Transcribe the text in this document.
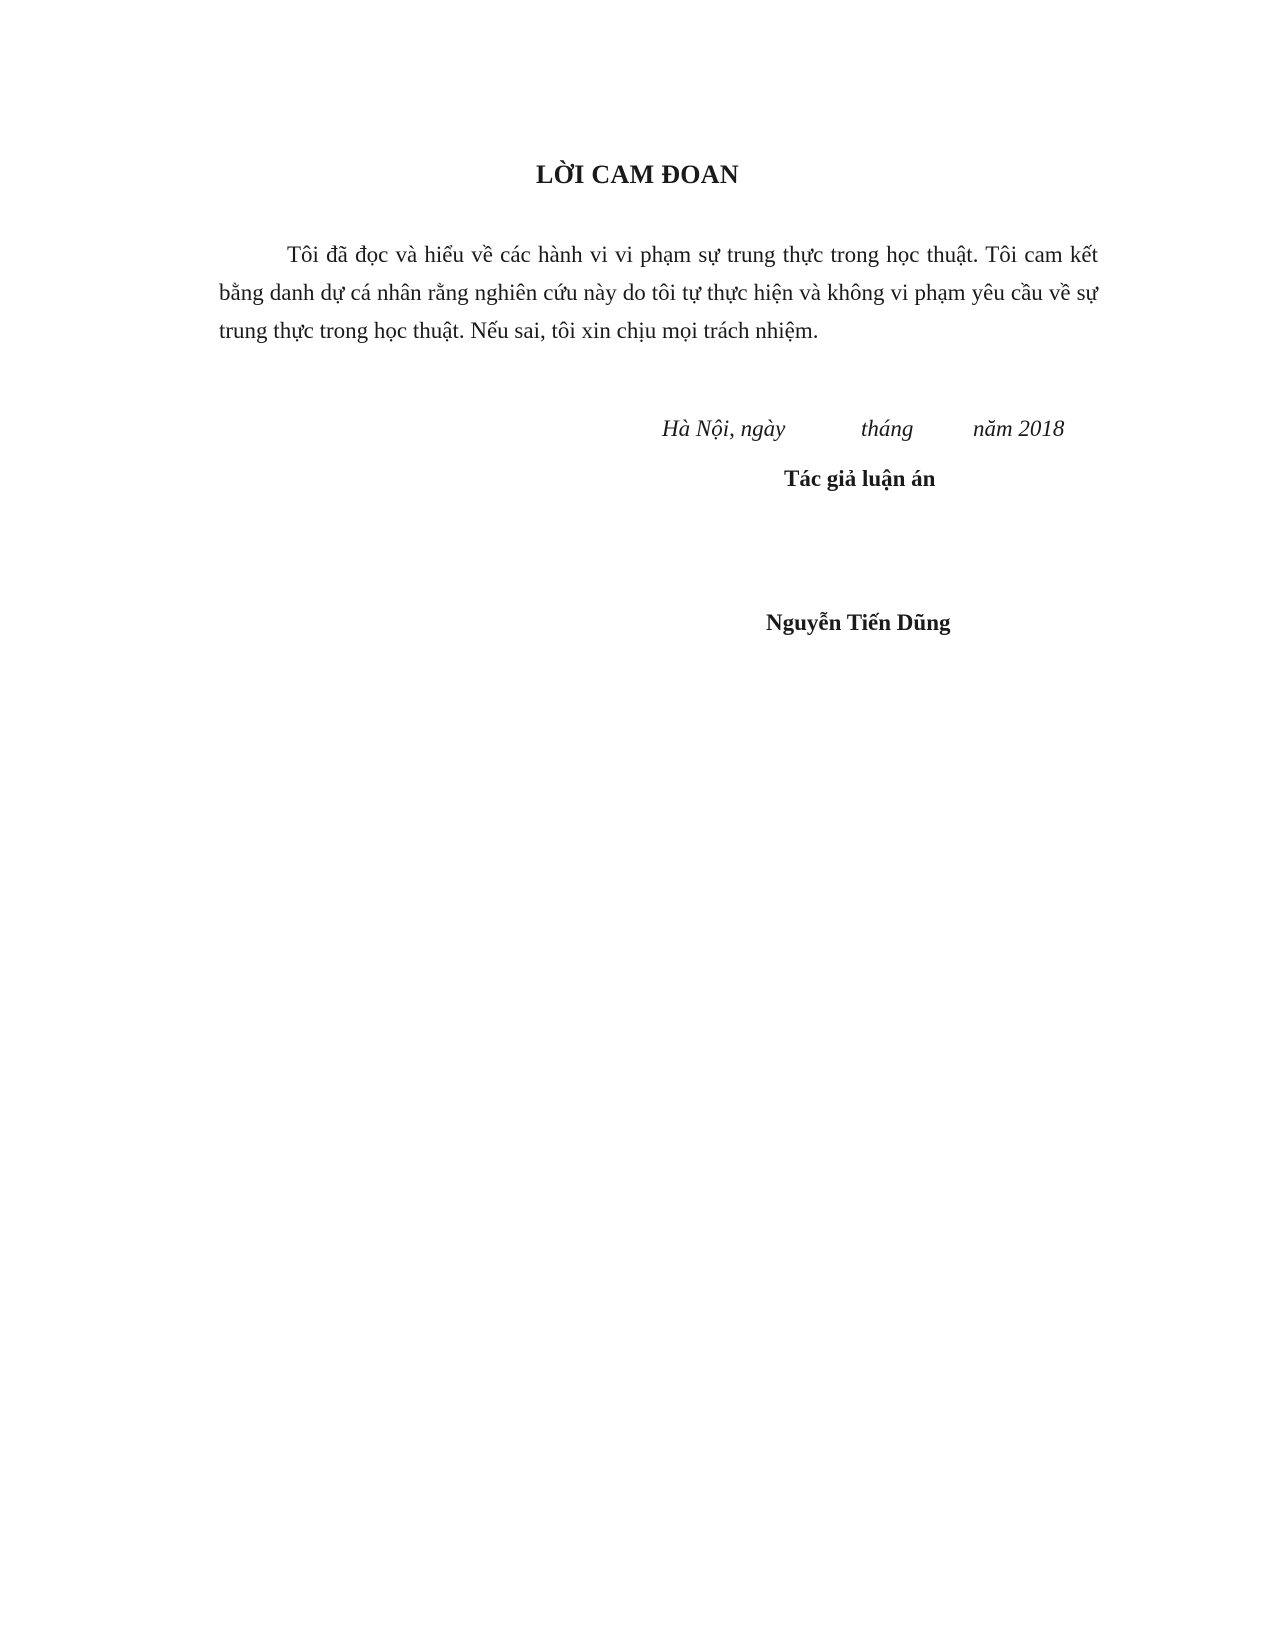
LỜI CAM ĐOAN

Tôi đã đọc và hiểu về các hành vi vi phạm sự trung thực trong học thuật. Tôi cam kết bằng danh dự cá nhân rằng nghiên cứu này do tôi tự thực hiện và không vi phạm yêu cầu về sự trung thực trong học thuật. Nếu sai, tôi xin chịu mọi trách nhiệm.

Hà Nội, ngày	tháng	năm 2018

Tác giả luận án

Nguyễn Tiến Dũng
